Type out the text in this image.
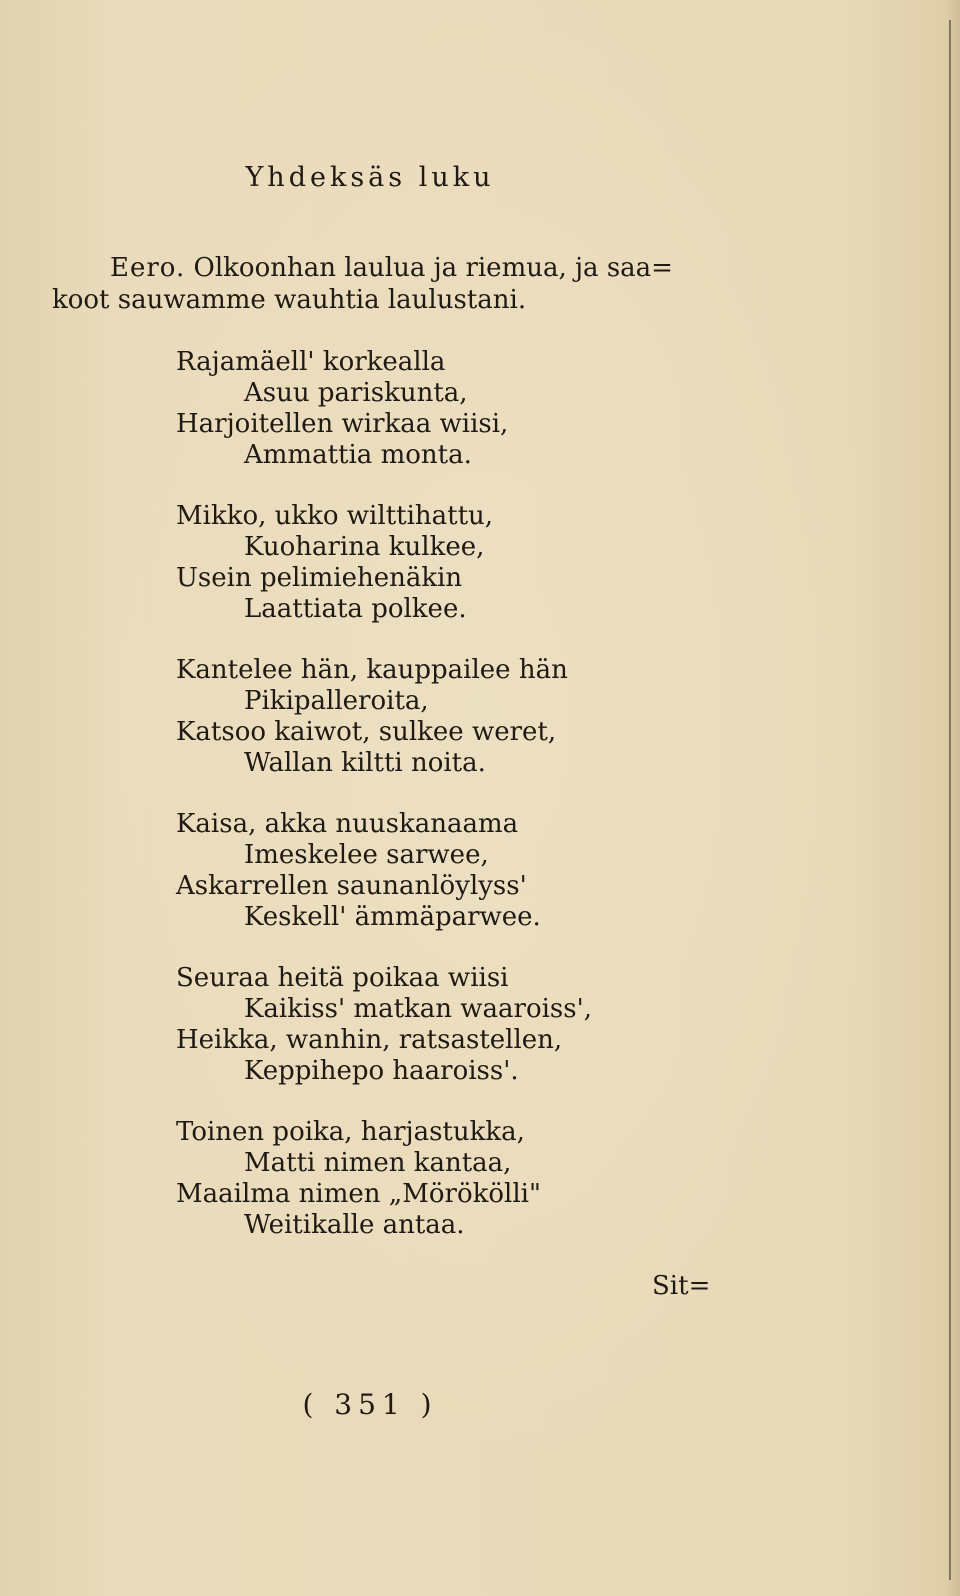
Yhdeksäs luku
Eero. Olkoonhan laulua ja riemua, ja saa=
koot sauwamme wauhtia laulustani.
Rajamäell' korkealla
Asuu pariskunta,
Harjoitellen wirkaa wiisi,
Ammattia monta.
Mikko, ukko wilttihattu,
Kuoharina kulkee,
Usein pelimiehenäkin
Laattiata polkee.
Kantelee hän, kauppailee hän
Pikipalleroita,
Katsoo kaiwot, sulkee weret,
Wallan kiltti noita.
Kaisa, akka nuuskanaama
Imeskelee sarwee,
Askarrellen saunanlöylyss'
Keskell' ämmäparwee.
Seuraa heitä poikaa wiisi
Kaikiss' matkan waaroiss',
Heikka, wanhin, ratsastellen,
Keppihepo haaroiss'.
Toinen poika, harjastukka,
Matti nimen kantaa,
Maailma nimen „Mörökölli"
Weitikalle antaa.
Sit=
( 351 )
